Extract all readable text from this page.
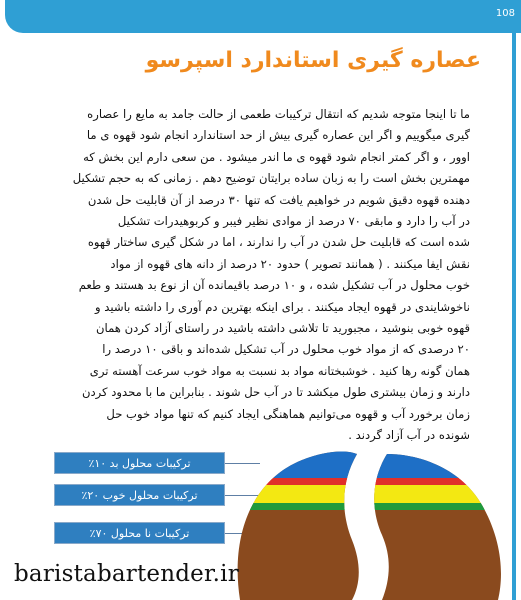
108
عصاره گیری استاندارد اسپرسو
ما تا اینجا متوجه شدیم که انتقال ترکیبات طعمی از حالت جامد به مایع را عصاره
گیری میگوییم و اگر این عصاره گیری بیش از حد استاندارد انجام شود قهوه ی ما
اوور ، و اگر کمتر انجام شود قهوه ی ما اندر میشود . من سعی دارم این بخش که
مهمترین بخش است را به زبان ساده برایتان توضیح دهم . زمانی که به حجم تشکیل
دهنده قهوه دقیق شویم در خواهیم یافت که تنها ۳۰ درصد از آن قابلیت حل شدن
در آب را دارد و مابقی ۷۰ درصد از موادی نظیر فیبر و کربوهیدرات تشکیل
شده است که قابلیت حل شدن در آب را ندارند ، اما در شکل گیری ساختار قهوه
نقش ایفا میکنند . ( همانند تصویر ) حدود ۲۰ درصد از دانه های قهوه از مواد
خوب محلول در آب تشکیل شده ، و ۱۰ درصد باقیمانده آن از نوع بد هستند و طعم
ناخوشایندی در قهوه ایجاد میکنند . برای اینکه بهترین دم آوری را داشته باشید و
قهوه خوبی بنوشید ، مجبورید تا تلاشی داشته باشید در راستای آزاد کردن همان
۲۰ درصدی که از مواد خوب محلول در آب تشکیل شده‌اند و باقی ۱۰ درصد را
همان گونه رها کنید . خوشبختانه مواد بد نسبت به مواد خوب سرعت آهسته تری
دارند و زمان بیشتری طول میکشد تا در آب حل شوند . بنابراین ما با محدود کردن
زمان برخورد آب و قهوه می‌توانیم هماهنگی ایجاد کنیم که تنها مواد خوب حل
شونده در آب آزاد گردند .
ترکیبات محلول بد ۱۰٪
ترکیبات محلول خوب ۲۰٪
ترکیبات نا محلول ۷۰٪
baristabartender.ir
